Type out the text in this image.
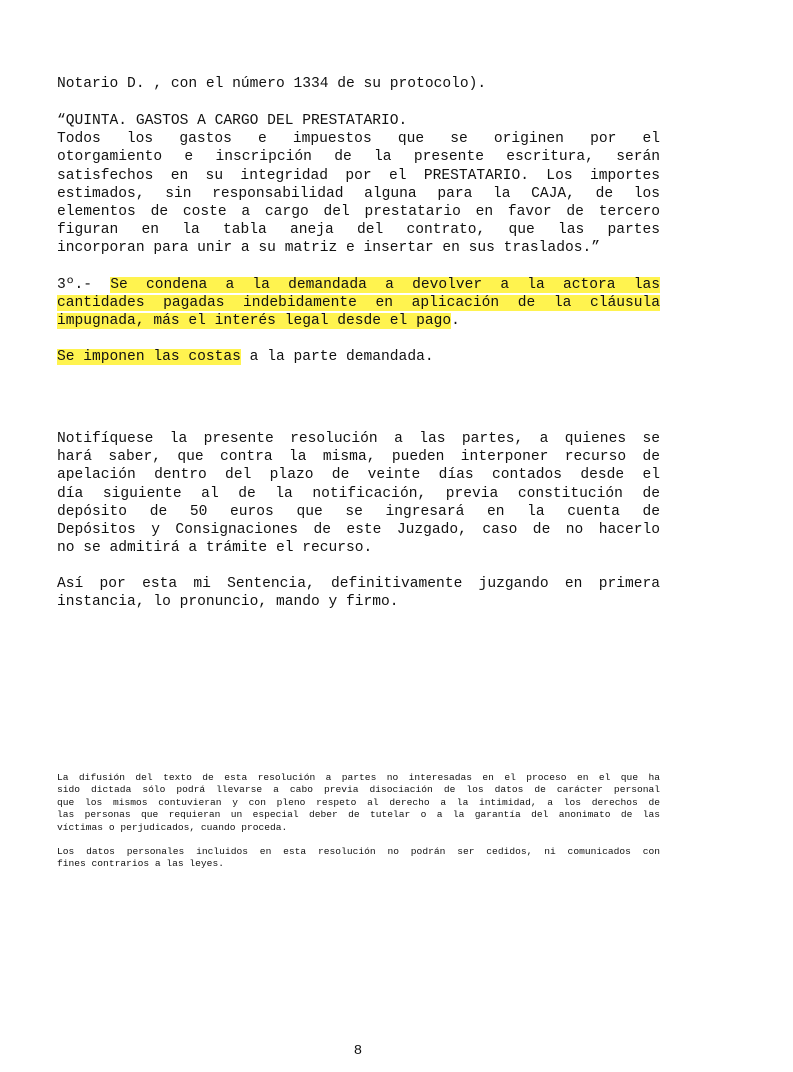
Notario D. , con el número 1334 de su protocolo).
“QUINTA. GASTOS A CARGO DEL PRESTATARIO.
Todos los gastos e impuestos que se originen por el
otorgamiento e inscripción de la presente escritura, serán
satisfechos en su integridad por el PRESTATARIO. Los importes
estimados, sin responsabilidad alguna para la CAJA, de los
elementos de coste a cargo del prestatario en favor de tercero
figuran en la tabla aneja del contrato, que las partes
incorporan para unir a su matriz e insertar en sus traslados.”
3º.- Se condena a la demandada a devolver a la actora las
cantidades pagadas indebidamente en aplicación de la cláusula
impugnada, más el interés legal desde el pago.
Se imponen las costas a la parte demandada.
Notifíquese la presente resolución a las partes, a quienes se
hará saber, que contra la misma, pueden interponer recurso de
apelación dentro del plazo de veinte días contados desde el
día siguiente al de la notificación, previa constitución de
depósito de 50 euros que se ingresará en la cuenta de
Depósitos y Consignaciones de este Juzgado, caso de no hacerlo
no se admitirá a trámite el recurso.
Así por esta mi Sentencia, definitivamente juzgando en primera
instancia, lo pronuncio, mando y firmo.
La difusión del texto de esta resolución a partes no interesadas en el proceso en el que ha
sido dictada sólo podrá llevarse a cabo previa disociación de los datos de carácter personal
que los mismos contuvieran y con pleno respeto al derecho a la intimidad, a los derechos de
las personas que requieran un especial deber de tutelar o a la garantía del anonimato de las
víctimas o perjudicados, cuando proceda.
Los datos personales incluidos en esta resolución no podrán ser cedidos, ni comunicados con
fines contrarios a las leyes.
8
